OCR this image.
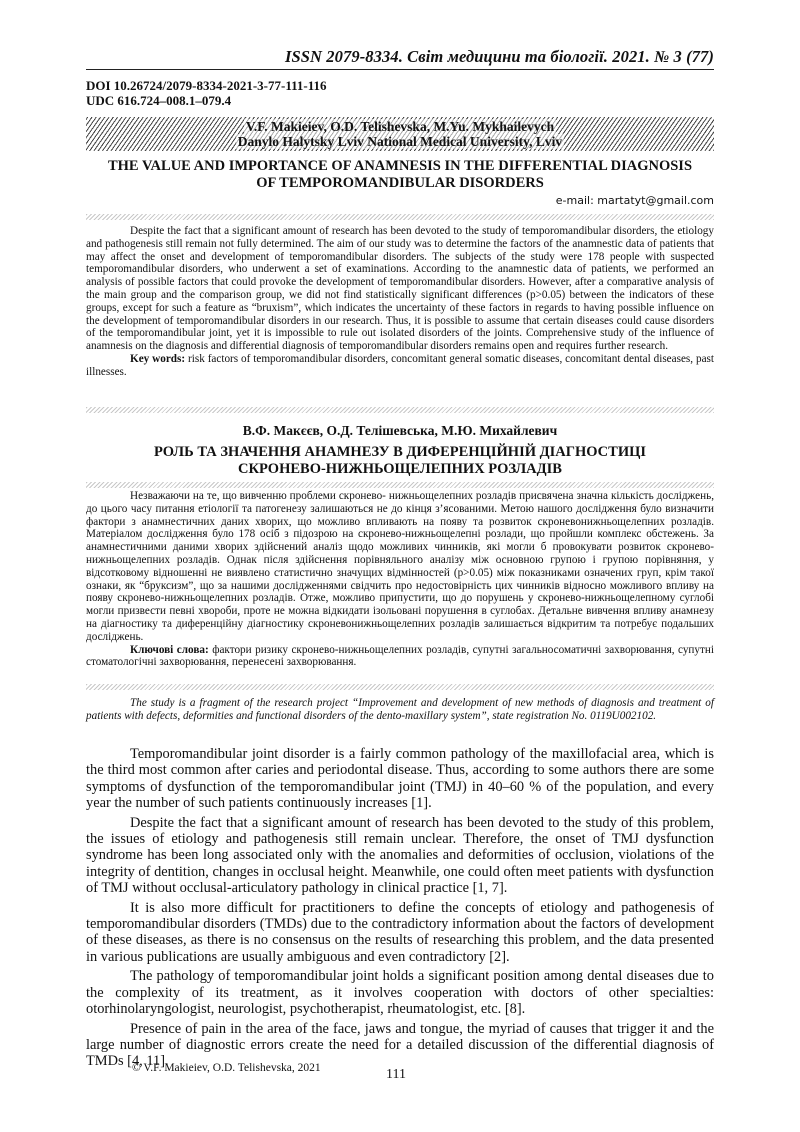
ISSN 2079-8334. Світ медицини та біології. 2021. № 3 (77)
DOI 10.26724/2079-8334-2021-3-77-111-116
UDC 616.724–008.1–079.4
V.F. Makieiev, O.D. Telishevska, M.Yu. Mykhailevych
Danylo Halytsky Lviv National Medical University, Lviv
THE VALUE AND IMPORTANCE OF ANAMNESIS IN THE DIFFERENTIAL DIAGNOSIS
OF TEMPOROMANDIBULAR DISORDERS
e-mail: martatyt@gmail.com

Despite the fact that a significant amount of research has been devoted to the study of temporomandibular disorders, the etiology and pathogenesis still remain not fully determined. The aim of our study was to determine the factors of the anamnestic data of patients that may affect the onset and development of temporomandibular disorders. The subjects of the study were 178 people with suspected temporomandibular disorders, who underwent a set of examinations. According to the anamnestic data of patients, we performed an analysis of possible factors that could provoke the development of temporomandibular disorders. However, after a comparative analysis of the main group and the comparison group, we did not find statistically significant differences (p>0.05) between the indicators of these groups, except for such a feature as “bruxism”, which indicates the uncertainty of these factors in regards to having possible influence on the development of temporomandibular disorders in our research. Thus, it is possible to assume that certain diseases could cause disorders of the temporomandibular joint, yet it is impossible to rule out isolated disorders of the joints. Comprehensive study of the influence of anamnesis on the diagnosis and differential diagnosis of temporomandibular disorders remains open and requires further research.

Key words: risk factors of temporomandibular disorders, concomitant general somatic diseases, concomitant dental diseases, past illnesses.

В.Ф. Макєєв, О.Д. Телішевська, М.Ю. Михайлевич
РОЛЬ ТА ЗНАЧЕННЯ АНАМНЕЗУ В ДИФЕРЕНЦІЙНІЙ ДІАГНОСТИЦІ
СКРОНЕВО-НИЖНЬОЩЕЛЕПНИХ РОЗЛАДІВ

Незважаючи на те, що вивченню проблеми скронево- нижньощелепних розладів присвячена значна кількість досліджень, до цього часу питання етіології та патогенезу залишаються не до кінця з’ясованими. Метою нашого дослідження було визначити фактори з анамнестичних даних хворих, що можливо впливають на появу та розвиток скроневонижньощелепних розладів. Матеріалом дослідження було 178 осіб з підозрою на скронево-нижньощелепні розлади, що пройшли комплекс обстежень. За анамнестичними даними хворих здійснений аналіз щодо можливих чинників, які могли б провокувати розвиток скронево-нижньощелепних розладів. Однак після здійснення порівняльного аналізу між основною групою і групою порівняння, у відсотковому відношенні не виявлено статистично значущих відмінностей (p>0.05) між показниками означених груп, крім такої ознаки, як “бруксизм”, що за нашими дослідженнями свідчить про недостовірність цих чинників відносно можливого впливу на появу скронево-нижньощелепних розладів. Отже, можливо припустити, що до порушень у скронево-нижньощелепному суглобі могли призвести певні хвороби, проте не можна відкидати ізольовані порушення в суглобах. Детальне вивчення впливу анамнезу на діагностику та диференційну діагностику скроневонижньощелепних розладів залишається відкритим та потребує подальших досліджень.

Ключові слова: фактори ризику скронево-нижньощелепних розладів, супутні загальносоматичні захворювання, супутні стоматологічні захворювання, перенесені захворювання.

The study is a fragment of the research project “Improvement and development of new methods of diagnosis and treatment of patients with defects, deformities and functional disorders of the dento-maxillary system”, state registration No. 0119U002102.

Temporomandibular joint disorder is a fairly common pathology of the maxillofacial area, which is the third most common after caries and periodontal disease. Thus, according to some authors there are some symptoms of dysfunction of the temporomandibular joint (TMJ) in 40–60 % of the population, and every year the number of such patients continuously increases [1].

Despite the fact that a significant amount of research has been devoted to the study of this problem, the issues of etiology and pathogenesis still remain unclear. Therefore, the onset of TMJ dysfunction syndrome has been long associated only with the anomalies and deformities of occlusion, violations of the integrity of dentition, changes in occlusal height. Meanwhile, one could often meet patients with dysfunction of TMJ without occlusal-articulatory pathology in clinical practice [1, 7].

It is also more difficult for practitioners to define the concepts of etiology and pathogenesis of temporomandibular disorders (TMDs) due to the contradictory information about the factors of development of these diseases, as there is no consensus on the results of researching this problem, and the data presented in various publications are usually ambiguous and even contradictory [2].

The pathology of temporomandibular joint holds a significant position among dental diseases due to the complexity of its treatment, as it involves cooperation with doctors of other specialties: otorhinolaryngologist, neurologist, psychotherapist, rheumatologist, etc. [8].

Presence of pain in the area of the face, jaws and tongue, the myriad of causes that trigger it and the large number of diagnostic errors create the need for a detailed discussion of the differential diagnosis of TMDs [4, 11].

© V.F. Makieiev, O.D. Telishevska, 2021	111
